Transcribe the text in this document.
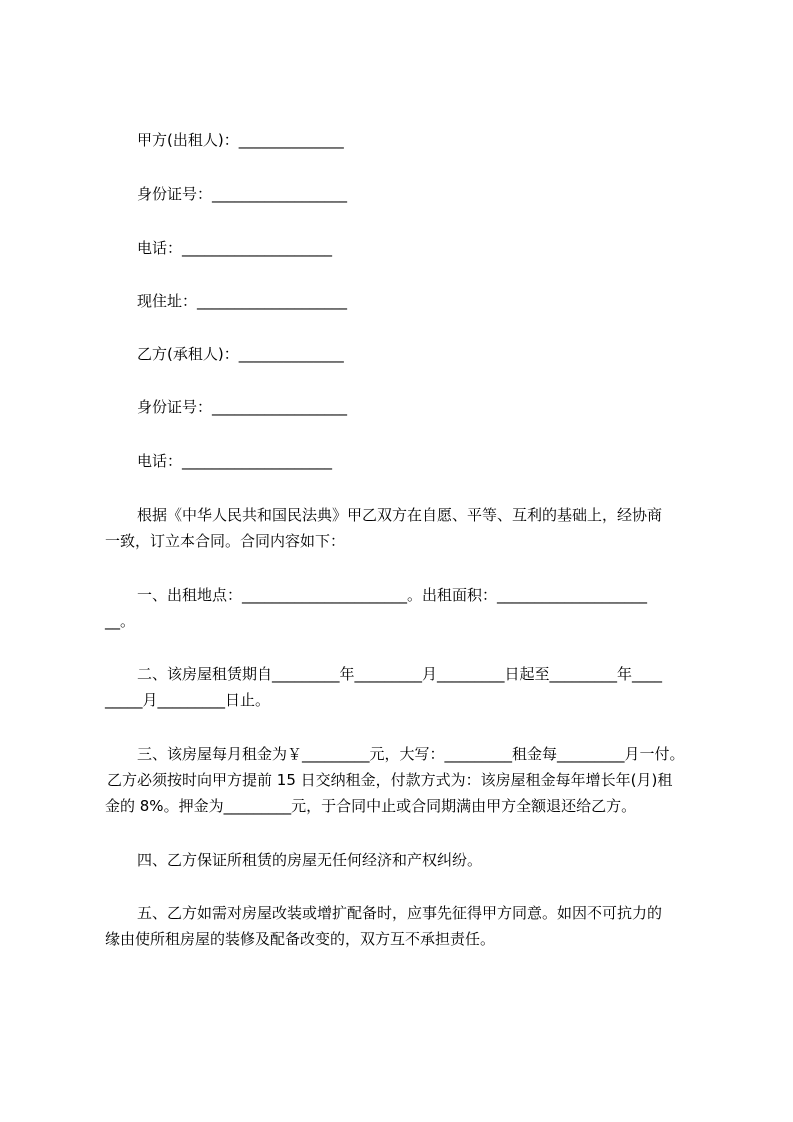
甲方(出租人)：______________
身份证号：__________________
电话：____________________
现住址：____________________
乙方(承租人)：______________
身份证号：__________________
电话：____________________
根据《中华人民共和国民法典》甲乙双方在自愿、平等、互利的基础上，经协商
一致，订立本合同。合同内容如下：
一、出租地点：______________________。出租面积：____________________
__。
二、该房屋租赁期自_________年_________月_________日起至_________年____
_____月_________日止。
三、该房屋每月租金为￥_________元，大写：_________租金每_________月一付。
乙方必须按时向甲方提前 15 日交纳租金，付款方式为：该房屋租金每年增长年(月)租
金的 8%。押金为_________元，于合同中止或合同期满由甲方全额退还给乙方。
四、乙方保证所租赁的房屋无任何经济和产权纠纷。
五、乙方如需对房屋改装或增扩配备时，应事先征得甲方同意。如因不可抗力的
缘由使所租房屋的装修及配备改变的，双方互不承担责任。
